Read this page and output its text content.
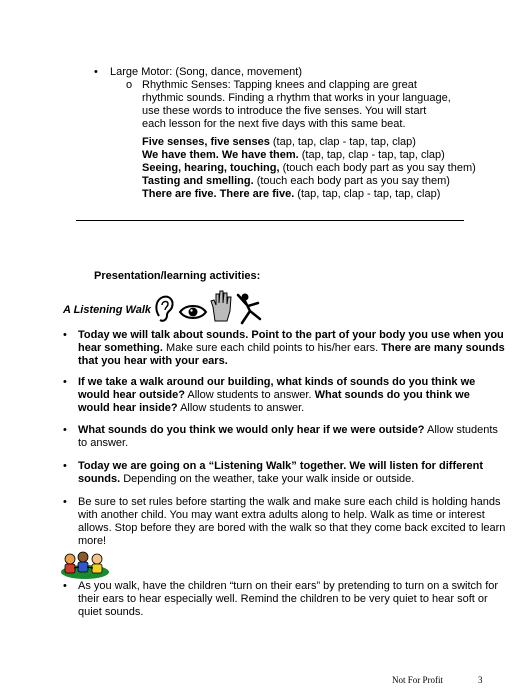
• Large Motor: (Song, dance, movement)
o Rhythmic Senses: Tapping knees and clapping are great
rhythmic sounds. Finding a rhythm that works in your language,
use these words to introduce the five senses. You will start
each lesson for the next five days with this same beat.
Five senses, five senses (tap, tap, clap - tap, tap, clap)
We have them. We have them. (tap, tap, clap - tap, tap, clap)
Seeing, hearing, touching, (touch each body part as you say them)
Tasting and smelling. (touch each body part as you say them)
There are five. There are five. (tap, tap, clap - tap, tap, clap)
Presentation/learning activities:
A Listening Walk
• Today we will talk about sounds. Point to the part of your body you use when you
hear something. Make sure each child points to his/her ears. There are many sounds
that you hear with your ears.
• If we take a walk around our building, what kinds of sounds do you think we
would hear outside? Allow students to answer. What sounds do you think we
would hear inside? Allow students to answer.
• What sounds do you think we would only hear if we were outside? Allow students
to answer.
• Today we are going on a “Listening Walk” together. We will listen for different
sounds. Depending on the weather, take your walk inside or outside.
• Be sure to set rules before starting the walk and make sure each child is holding hands
with another child. You may want extra adults along to help. Walk as time or interest
allows. Stop before they are bored with the walk so that they come back excited to learn
more!
• As you walk, have the children “turn on their ears” by pretending to turn on a switch for
their ears to hear especially well. Remind the children to be very quiet to hear soft or
quiet sounds.
Not For Profit	3
